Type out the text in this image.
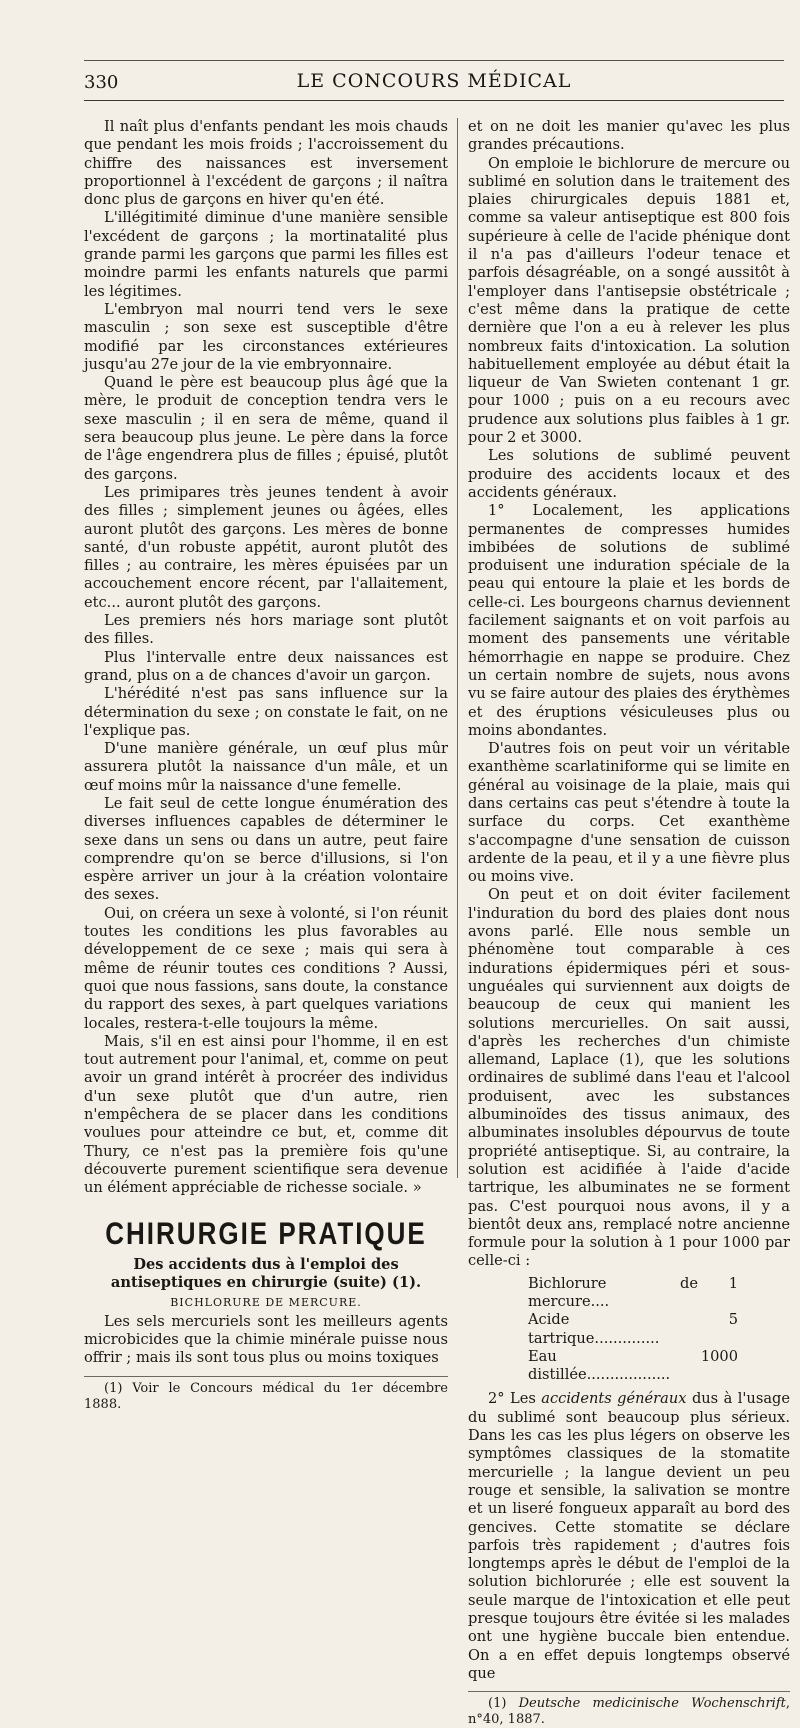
330	LE CONCOURS MÉDICAL

Il naît plus d'enfants pendant les mois chauds que pendant les mois froids ; l'accroissement du chiffre des naissances est inversement proportionnel à l'excédent de garçons ; il naîtra donc plus de garçons en hiver qu'en été.

L'illégitimité diminue d'une manière sensible l'excédent de garçons ; la mortinatalité plus grande parmi les garçons que parmi les filles est moindre parmi les enfants naturels que parmi les légitimes.

L'embryon mal nourri tend vers le sexe masculin ; son sexe est susceptible d'être modifié par les circonstances extérieures jusqu'au 27e jour de la vie embryonnaire.

Quand le père est beaucoup plus âgé que la mère, le produit de conception tendra vers le sexe masculin ; il en sera de même, quand il sera beaucoup plus jeune. Le père dans la force de l'âge engendrera plus de filles ; épuisé, plutôt des garçons.

Les primipares très jeunes tendent à avoir des filles ; simplement jeunes ou âgées, elles auront plutôt des garçons. Les mères de bonne santé, d'un robuste appétit, auront plutôt des filles ; au contraire, les mères épuisées par un accouchement encore récent, par l'allaitement, etc... auront plutôt des garçons.

Les premiers nés hors mariage sont plutôt des filles.

Plus l'intervalle entre deux naissances est grand, plus on a de chances d'avoir un garçon.

L'hérédité n'est pas sans influence sur la détermination du sexe ; on constate le fait, on ne l'explique pas.

D'une manière générale, un œuf plus mûr assurera plutôt la naissance d'un mâle, et un œuf moins mûr la naissance d'une femelle.

Le fait seul de cette longue énumération des diverses influences capables de déterminer le sexe dans un sens ou dans un autre, peut faire comprendre qu'on se berce d'illusions, si l'on espère arriver un jour à la création volontaire des sexes.

Oui, on créera un sexe à volonté, si l'on réunit toutes les conditions les plus favorables au développement de ce sexe ; mais qui sera à même de réunir toutes ces conditions ? Aussi, quoi que nous fassions, sans doute, la constance du rapport des sexes, à part quelques variations locales, restera-t-elle toujours la même.

Mais, s'il en est ainsi pour l'homme, il en est tout autrement pour l'animal, et, comme on peut avoir un grand intérêt à procréer des individus d'un sexe plutôt que d'un autre, rien n'empêchera de se placer dans les conditions voulues pour atteindre ce but, et, comme dit Thury, ce n'est pas la première fois qu'une découverte purement scientifique sera devenue un élément appréciable de richesse sociale. »

CHIRURGIE PRATIQUE

Des accidents dus à l'emploi des antiseptiques en chirurgie (suite) (1).

BICHLORURE DE MERCURE.

Les sels mercuriels sont les meilleurs agents microbicides que la chimie minérale puisse nous offrir ; mais ils sont tous plus ou moins toxiques

(1) Voir le Concours médical du 1er décembre 1888.

et on ne doit les manier qu'avec les plus grandes précautions.

On emploie le bichlorure de mercure ou sublimé en solution dans le traitement des plaies chirurgicales depuis 1881 et, comme sa valeur antiseptique est 800 fois supérieure à celle de l'acide phénique dont il n'a pas d'ailleurs l'odeur tenace et parfois désagréable, on a songé aussitôt à l'employer dans l'antisepsie obstétricale ; c'est même dans la pratique de cette dernière que l'on a eu à relever les plus nombreux faits d'intoxication. La solution habituellement employée au début était la liqueur de Van Swieten contenant 1 gr. pour 1000 ; puis on a eu recours avec prudence aux solutions plus faibles à 1 gr. pour 2 et 3000.

Les solutions de sublimé peuvent produire des accidents locaux et des accidents généraux.

1° Localement, les applications permanentes de compresses humides imbibées de solutions de sublimé produisent une induration spéciale de la peau qui entoure la plaie et les bords de celle-ci. Les bourgeons charnus deviennent facilement saignants et on voit parfois au moment des pansements une véritable hémorrhagie en nappe se produire. Chez un certain nombre de sujets, nous avons vu se faire autour des plaies des érythèmes et des éruptions vésiculeuses plus ou moins abondantes.

D'autres fois on peut voir un véritable exanthème scarlatiniforme qui se limite en général au voisinage de la plaie, mais qui dans certains cas peut s'étendre à toute la surface du corps. Cet exanthème s'accompagne d'une sensation de cuisson ardente de la peau, et il y a une fièvre plus ou moins vive.

On peut et on doit éviter facilement l'induration du bord des plaies dont nous avons parlé. Elle nous semble un phénomène tout comparable à ces indurations épidermiques péri et sous-unguéales qui surviennent aux doigts de beaucoup de ceux qui manient les solutions mercurielles. On sait aussi, d'après les recherches d'un chimiste allemand, Laplace (1), que les solutions ordinaires de sublimé dans l'eau et l'alcool produisent, avec les substances albuminoïdes des tissus animaux, des albuminates insolubles dépourvus de toute propriété antiseptique. Si, au contraire, la solution est acidifiée à l'aide d'acide tartrique, les albuminates ne se forment pas. C'est pourquoi nous avons, il y a bientôt deux ans, remplacé notre ancienne formule pour la solution à 1 pour 1000 par celle-ci :

Bichlorure de mercure....
1
Acide tartrique..............
5
Eau distillée..................
1000

2° Les accidents généraux dus à l'usage du sublimé sont beaucoup plus sérieux. Dans les cas les plus légers on observe les symptômes classiques de la stomatite mercurielle ; la langue devient un peu rouge et sensible, la salivation se montre et un liseré fongueux apparaît au bord des gencives. Cette stomatite se déclare parfois très rapidement ; d'autres fois longtemps après le début de l'emploi de la solution bichlorurée ; elle est souvent la seule marque de l'intoxication et elle peut presque toujours être évitée si les malades ont une hygiène buccale bien entendue. On a en effet depuis longtemps observé que

(1) Deutsche medicinische Wochenschrift, n°40, 1887.
